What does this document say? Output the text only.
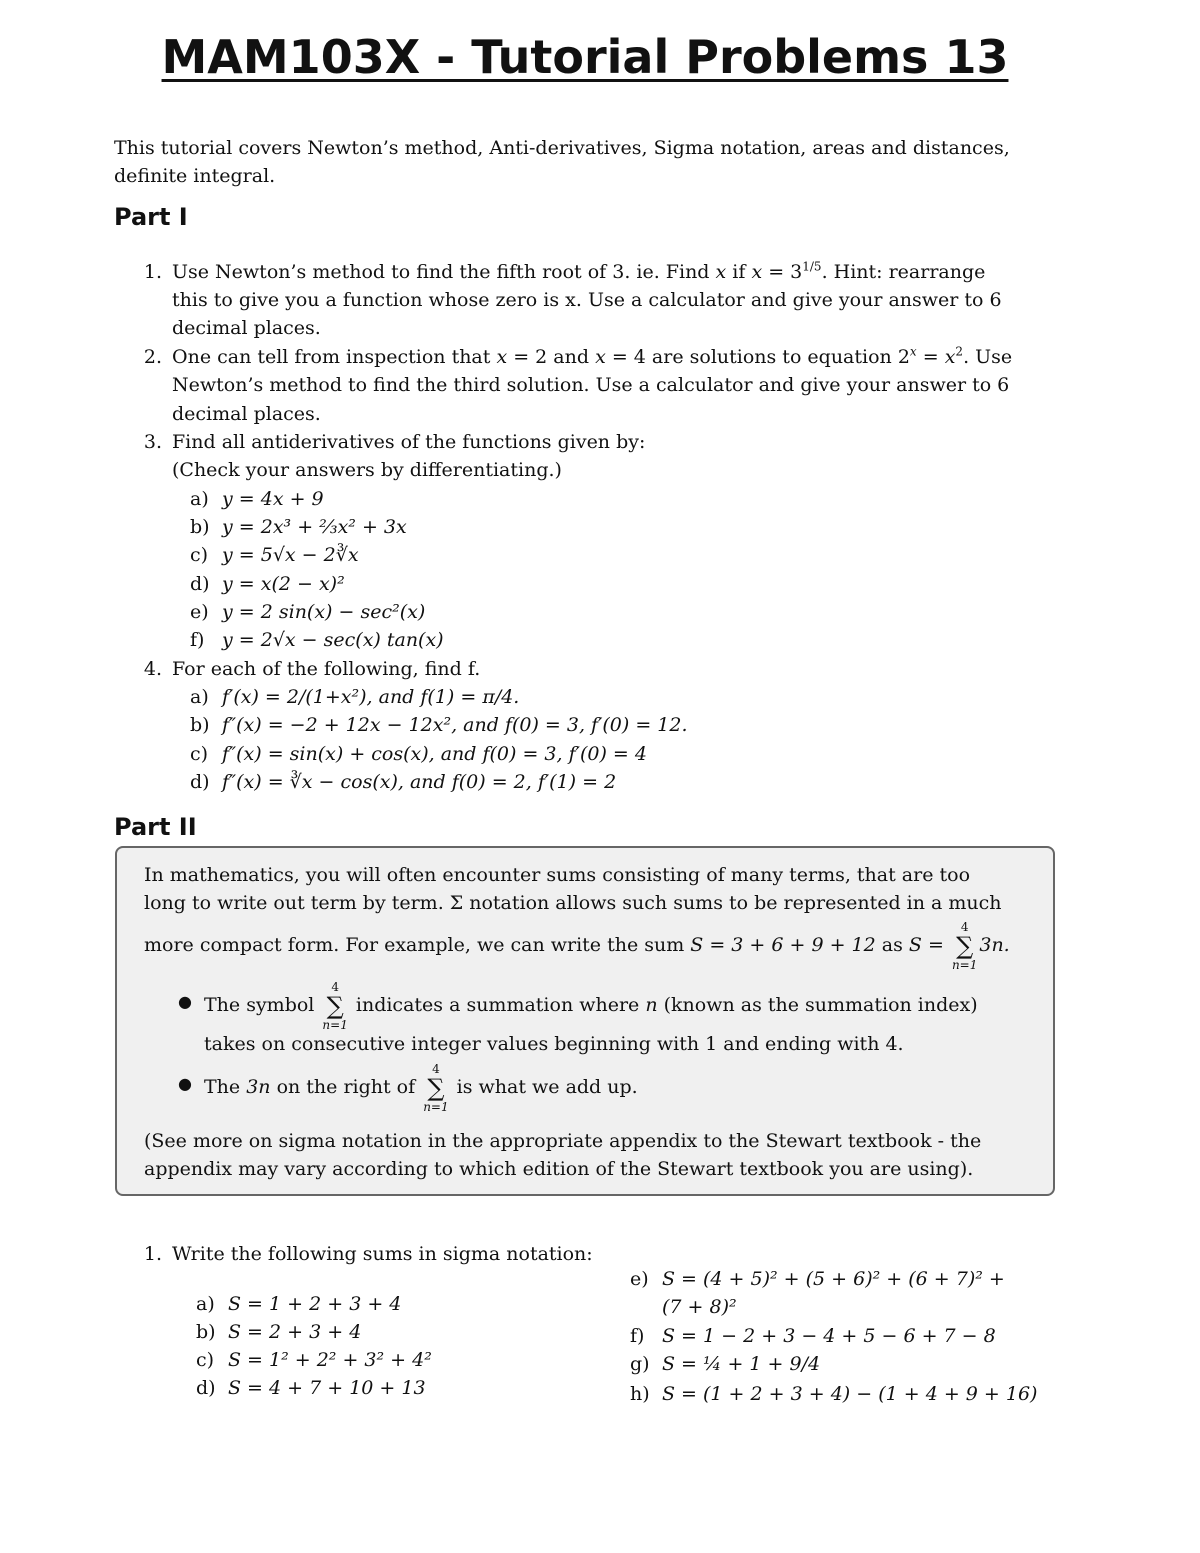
MAM103X - Tutorial Problems 13
This tutorial covers Newton’s method, Anti-derivatives, Sigma notation, areas and distances,
definite integral.
Part I
1. Use Newton’s method to find the fifth root of 3. ie. Find x if $x = 3^{1/5}$. Hint: rearrange
this to give you a function whose zero is x. Use a calculator and give your answer to 6
decimal places.
2. One can tell from inspection that x = 2 and x = 4 are solutions to equation $2^x = x^2$. Use
Newton’s method to find the third solution. Use a calculator and give your answer to 6
decimal places.
3. Find all antiderivatives of the functions given by:
(Check your answers by differentiating.)
a) y = 4x + 9
b) y = 2x³ + ⅔x² + 3x
c) y = 5√x − 2∛x
d) y = x(2 − x)²
e) y = 2 sin(x) − sec²(x)
f) y = 2√x − sec(x) tan(x)
4. For each of the following, find f.
a) f′(x) = 2/(1+x²), and f(1) = π/4.
b) f″(x) = −2 + 12x − 12x², and f(0) = 3, f′(0) = 12.
c) f″(x) = sin(x) + cos(x), and f(0) = 3, f′(0) = 4
d) f″(x) = ∛x − cos(x), and f(0) = 2, f′(1) = 2
Part II
In mathematics, you will often encounter sums consisting of many terms, that are too
long to write out term by term. Σ notation allows such sums to be represented in a much
more compact form. For example, we can write the sum S = 3 + 6 + 9 + 12 as S = 4
∑
n=13n.
● The symbol 4
∑
n=1 indicates a summation where n (known as the summation index)
takes on consecutive integer values beginning with 1 and ending with 4.
● The 3n on the right of 4
∑
n=1 is what we add up.
(See more on sigma notation in the appropriate appendix to the Stewart textbook - the
appendix may vary according to which edition of the Stewart textbook you are using).
1. Write the following sums in sigma notation:
a) S = 1 + 2 + 3 + 4
b) S = 2 + 3 + 4
c) S = 1² + 2² + 3² + 4²
d) S = 4 + 7 + 10 + 13
e) S = (4 + 5)² + (5 + 6)² + (6 + 7)² +
(7 + 8)²
f) S = 1 − 2 + 3 − 4 + 5 − 6 + 7 − 8
g) S = ¼ + 1 + 9/4
h) S = (1 + 2 + 3 + 4) − (1 + 4 + 9 + 16)
